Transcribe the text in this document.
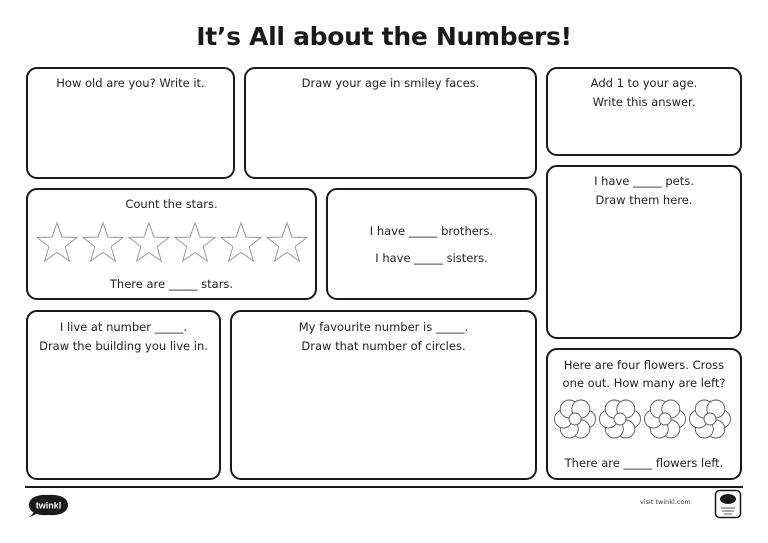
It’s All about the Numbers!
How old are you? Write it.	Draw your age in smiley faces.	Add 1 to your age.
Write this answer.
Count the stars.
There are _____ stars.
I have _____ brothers.
I have _____ sisters.
I have _____ pets.
Draw them here.
I live at number _____.
Draw the building you live in.
My favourite number is _____.
Draw that number of circles.
Here are four flowers. Cross
one out. How many are left?
There are _____ flowers left.
twinkl	visit twinkl.com
